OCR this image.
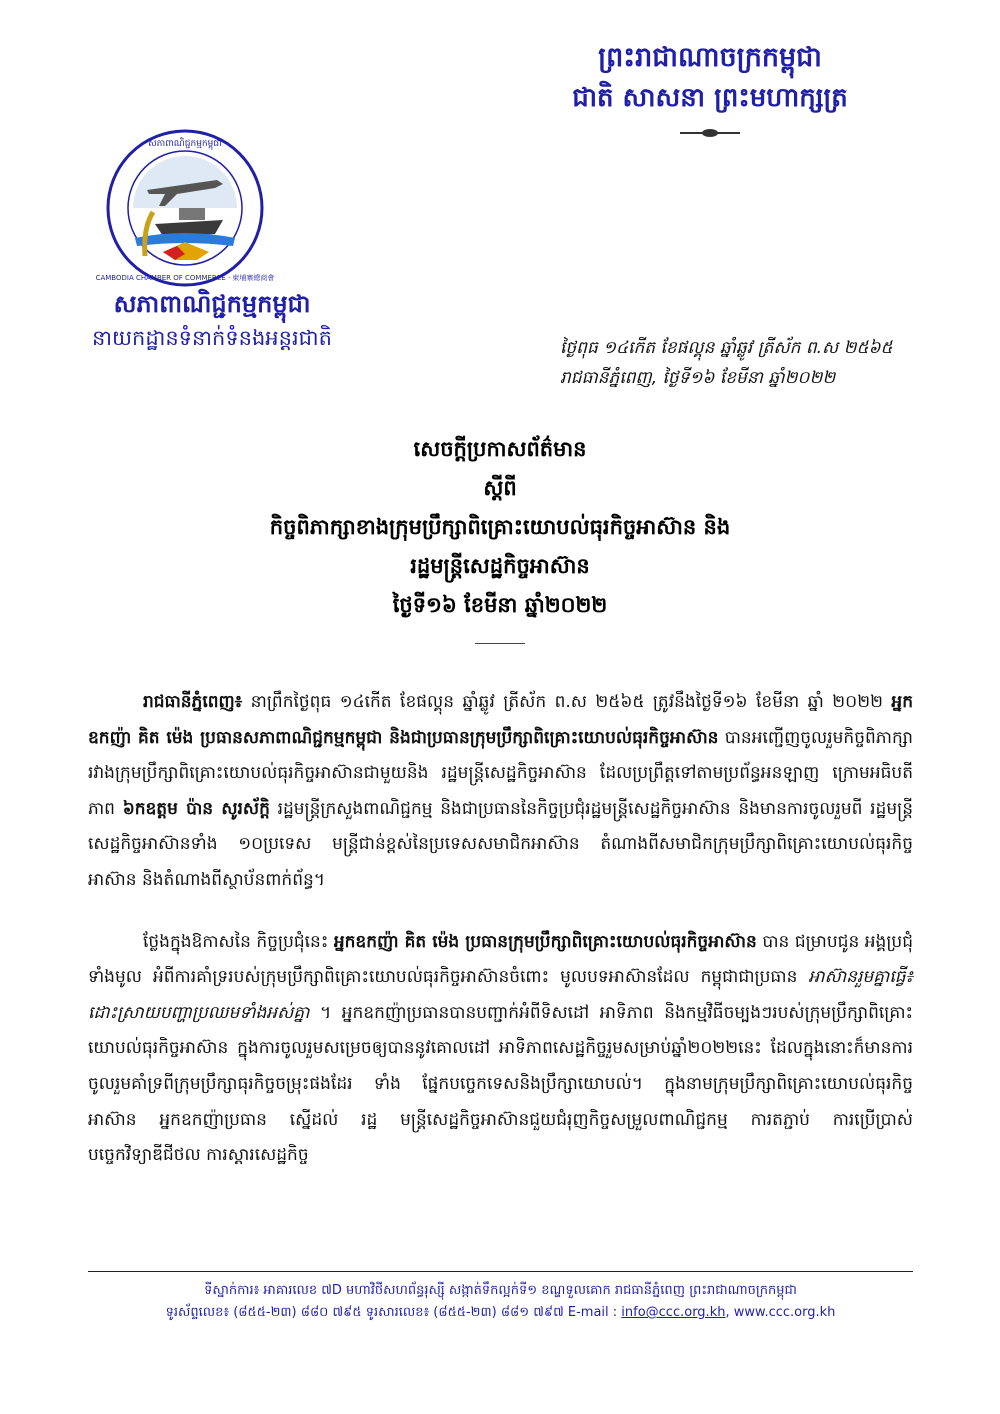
ព្រះរាជាណាចក្រកម្ពុជា
ជាតិ សាសនា ព្រះមហាក្សត្រ
សភាពាណិជ្ជកម្មកម្ពុជា
CAMBODIA CHAMBER OF COMMERCE · 柬埔寨總商會
សភាពាណិជ្ជកម្មកម្ពុជា
នាយកដ្ឋានទំនាក់ទំនងអន្តរជាតិ	ថ្ងៃពុធ ១៤កើត ខែផល្គុន ឆ្នាំឆ្លូវ ត្រីស័ក ព.ស ២៥៦៥
រាជធានីភ្នំពេញ, ថ្ងៃទី១៦ ខែមីនា ឆ្នាំ២០២២
សេចក្តីប្រកាសព័ត៌មាន
ស្តីពី
កិច្ចពិភាក្សាខាងក្រុមប្រឹក្សាពិគ្រោះយោបល់ធុរកិច្ចអាស៊ាន និង
រដ្ឋមន្ត្រីសេដ្ឋកិច្ចអាស៊ាន
ថ្ងៃទី១៦ ខែមីនា ឆ្នាំ២០២២

រាជធានីភ្នំពេញ៖ នាព្រឹកថ្ងៃពុធ ១៤កើត ខែផល្គុន ឆ្នាំឆ្លូវ ត្រីស័ក ព.ស ២៥៦៥ ត្រូវនឹងថ្ងៃទី១៦ ខែមីនា ឆ្នាំ ២០២២ អ្នកឧកញ៉ា គិត ម៉េង ប្រធានសភាពាណិជ្ជកម្មកម្ពុជា និងជាប្រធានក្រុមប្រឹក្សាពិគ្រោះយោបល់ធុរកិច្ចអាស៊ាន បានអញ្ជើញចូលរួមកិច្ចពិភាក្សារវាងក្រុមប្រឹក្សាពិគ្រោះយោបល់ធុរកិច្ចអាស៊ានជាមួយនិង រដ្ឋមន្ត្រីសេដ្ឋកិច្ចអាស៊ាន ដែលប្រព្រឹត្តទៅតាមប្រព័ន្ធអនឡាញ ក្រោមអធិបតីភាព ៦កឧត្តម ប៉ាន សូរស័ក្តិ រដ្ឋមន្ត្រីក្រសួងពាណិជ្ជកម្ម និងជាប្រធាននៃកិច្ចប្រជុំរដ្ឋមន្ត្រីសេដ្ឋកិច្ចអាស៊ាន និងមានការចូលរួមពី រដ្ឋមន្ត្រីសេដ្ឋកិច្ចអាស៊ានទាំង ១០ប្រទេស មន្ត្រីជាន់ខ្ពស់នៃប្រទេសសមាជិកអាស៊ាន តំណាងពីសមាជិកក្រុមប្រឹក្សាពិគ្រោះយោបល់ធុរកិច្ចអាស៊ាន និងតំណាងពីស្ថាប័នពាក់ព័ន្ធ។

ថ្លែងក្នុងឱកាសនៃ កិច្ចប្រជុំនេះ អ្នកឧកញ៉ា គិត ម៉េង ប្រធានក្រុមប្រឹក្សាពិគ្រោះយោបល់ធុរកិច្ចអាស៊ាន បាន ជម្រាបជូន អង្គប្រជុំទាំងមូល អំពីការគាំទ្ររបស់ក្រុមប្រឹក្សាពិគ្រោះយោបល់ធុរកិច្ចអាស៊ានចំពោះ មូលបទអាស៊ានដែល កម្ពុជាជាប្រធាន អាស៊ានរួមគ្នាធ្វើ៖ ដោះស្រាយបញ្ហាប្រឈមទាំងអស់គ្នា ។ អ្នកឧកញ៉ាប្រធានបានបញ្ជាក់អំពីទិសដៅ អាទិភាព និងកម្មវិធីចម្បងៗរបស់ក្រុមប្រឹក្សាពិគ្រោះយោបល់ធុរកិច្ចអាស៊ាន ក្នុងការចូលរួមសម្រេចឲ្យបាននូវគោលដៅ អាទិភាពសេដ្ឋកិច្ចរួមសម្រាប់ឆ្នាំ២០២២នេះ ដែលក្នុងនោះក៏មានការចូលរួមគាំទ្រពីក្រុមប្រឹក្សាធុរកិច្ចចម្រុះផងដែរ ទាំង ផ្នែកបច្ចេកទេសនិងប្រឹក្សាយោបល់។ ក្នុងនាមក្រុមប្រឹក្សាពិគ្រោះយោបល់ធុរកិច្ចអាស៊ាន អ្នកឧកញ៉ាប្រធាន ស្នើដល់ រដ្ឋ មន្ត្រីសេដ្ឋកិច្ចអាស៊ានជួយជំរុញកិច្ចសម្រួលពាណិជ្ជកម្ម ការតភ្ជាប់ ការប្រើប្រាស់បច្ចេកវិទ្យាឌីជីថល ការស្តារសេដ្ឋកិច្ច

ទីស្នាក់ការ៖ អាគារលេខ ៧D មហាវិថីសហព័ន្ធរុស្ស៊ី សង្កាត់ទឹកល្អក់ទី១ ខណ្ឌទួលគោក រាជធានីភ្នំពេញ ព្រះរាជាណាចក្រកម្ពុជា
ទូរស័ព្ទលេខ៖ (៨៥៥-២៣) ៨៨០ ៧៩៥ ទូរសារលេខ៖ (៨៥៥-២៣) ៨៨១ ៧៩៧ E-mail : info@ccc.org.kh, www.ccc.org.kh
